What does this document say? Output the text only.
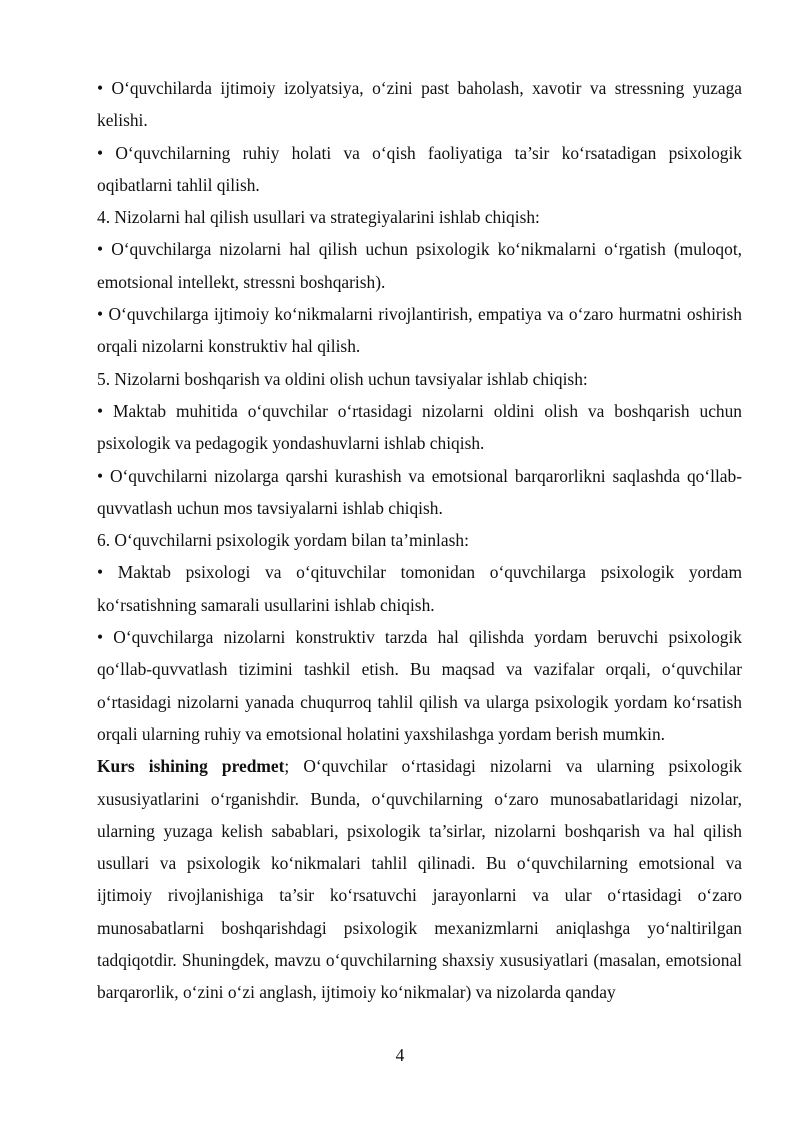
• O‘quvchilarda ijtimoiy izolyatsiya, o‘zini past baholash, xavotir va stressning yuzaga kelishi.

• O‘quvchilarning ruhiy holati va o‘qish faoliyatiga ta’sir ko‘rsatadigan psixologik oqibatlarni tahlil qilish.

4. Nizolarni hal qilish usullari va strategiyalarini ishlab chiqish:

• O‘quvchilarga nizolarni hal qilish uchun psixologik ko‘nikmalarni o‘rgatish (muloqot, emotsional intellekt, stressni boshqarish).

• O‘quvchilarga ijtimoiy ko‘nikmalarni rivojlantirish, empatiya va o‘zaro hurmatni oshirish orqali nizolarni konstruktiv hal qilish.

5. Nizolarni boshqarish va oldini olish uchun tavsiyalar ishlab chiqish:

• Maktab muhitida o‘quvchilar o‘rtasidagi nizolarni oldini olish va boshqarish uchun psixologik va pedagogik yondashuvlarni ishlab chiqish.

• O‘quvchilarni nizolarga qarshi kurashish va emotsional barqarorlikni saqlashda qo‘llab-quvvatlash uchun mos tavsiyalarni ishlab chiqish.

6. O‘quvchilarni psixologik yordam bilan ta’minlash:

• Maktab psixologi va o‘qituvchilar tomonidan o‘quvchilarga psixologik yordam ko‘rsatishning samarali usullarini ishlab chiqish.

• O‘quvchilarga nizolarni konstruktiv tarzda hal qilishda yordam beruvchi psixologik qo‘llab-quvvatlash tizimini tashkil etish. Bu maqsad va vazifalar orqali, o‘quvchilar o‘rtasidagi nizolarni yanada chuqurroq tahlil qilish va ularga psixologik yordam ko‘rsatish orqali ularning ruhiy va emotsional holatini yaxshilashga yordam berish mumkin.

Kurs ishining predmet; O‘quvchilar o‘rtasidagi nizolarni va ularning psixologik xususiyatlarini o‘rganishdir. Bunda, o‘quvchilarning o‘zaro munosabatlaridagi nizolar, ularning yuzaga kelish sabablari, psixologik ta’sirlar, nizolarni boshqarish va hal qilish usullari va psixologik ko‘nikmalari tahlil qilinadi. Bu o‘quvchilarning emotsional va ijtimoiy rivojlanishiga ta’sir ko‘rsatuvchi jarayonlarni va ular o‘rtasidagi o‘zaro munosabatlarni boshqarishdagi psixologik mexanizmlarni aniqlashga yo‘naltirilgan tadqiqotdir. Shuningdek, mavzu o‘quvchilarning shaxsiy xususiyatlari (masalan, emotsional barqarorlik, o‘zini o‘zi anglash, ijtimoiy ko‘nikmalar) va nizolarda qanday

4
